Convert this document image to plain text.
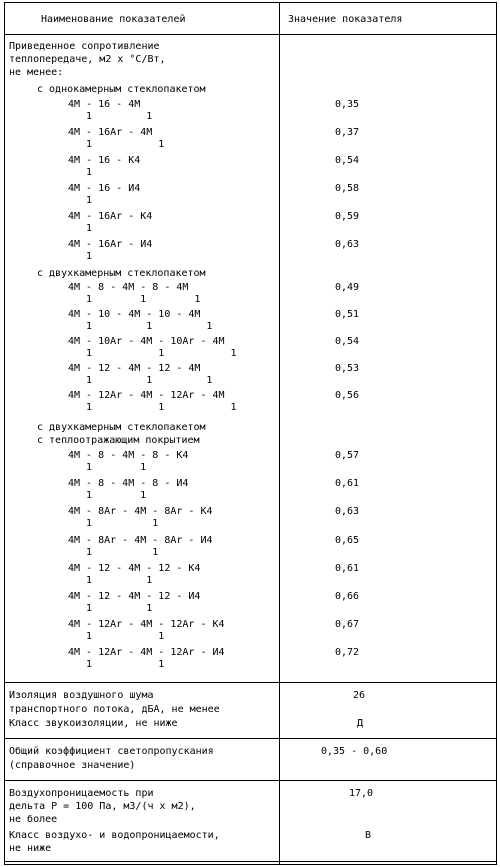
Наименование показателей	Значение показателя
Приведенное сопротивление
теплопередаче, м2 x °С/Вт,
не менее:
с однокамерным стеклопакетом
4М - 16 - 4М
1         1
0,35
4М - 16Ar - 4М
1           1
0,37
4М - 16 - К4
1
0,54
4М - 16 - И4
1
0,58
4М - 16Ar - К4
1
0,59
4М - 16Ar - И4
1
0,63
с двухкамерным стеклопакетом
4М - 8 - 4М - 8 - 4М
1        1        1
0,49
4М - 10 - 4М - 10 - 4М
1         1         1
0,51
4М - 10Ar - 4М - 10Ar - 4М
1           1           1
0,54
4М - 12 - 4М - 12 - 4М
1         1         1
0,53
4М - 12Ar - 4М - 12Ar - 4М
1           1           1
0,56
с двухкамерным стеклопакетом
с теплоотражающим покрытием
4М - 8 - 4М - 8 - К4
1        1
0,57
4М - 8 - 4М - 8 - И4
1        1
0,61
4М - 8Ar - 4М - 8Ar - К4
1          1
0,63
4М - 8Ar - 4М - 8Ar - И4
1          1
0,65
4М - 12 - 4М - 12 - К4
1         1
0,61
4М - 12 - 4М - 12 - И4
1         1
0,66
4М - 12Ar - 4М - 12Ar - К4
1           1
0,67
4М - 12Ar - 4М - 12Ar - И4
1           1
0,72
Изоляция воздушного шума
транспортного потока, дБА, не менее
Класс звукоизоляции, не ниже
26
Д
Общий коэффициент светопропускания
(справочное значение)
0,35 - 0,60
Воздухопроницаемость при
дельта P = 100 Па, м3/(ч x м2),
не более
Класс воздухо- и водопроницаемости,
не ниже
17,0
В
